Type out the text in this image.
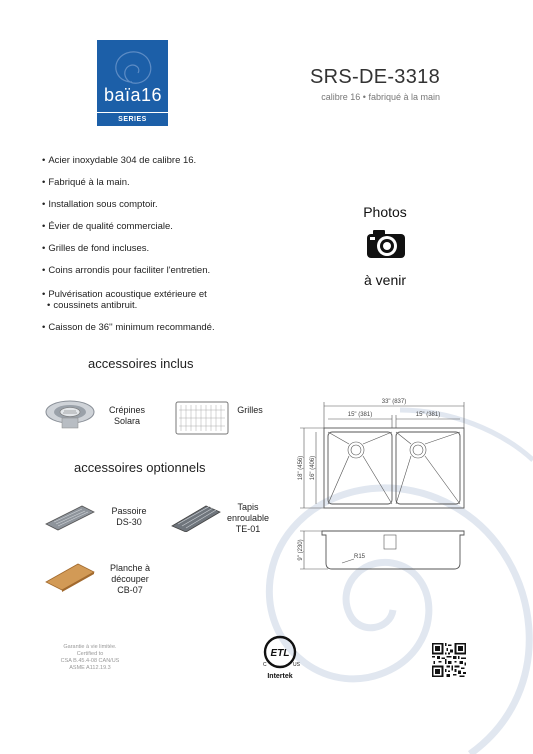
baïa16
SERIES
SRS-DE-3318
calibre 16 • fabriqué à la main
• Acier inoxydable 304 de calibre 16.
• Fabriqué à la main.
• Installation sous comptoir.
• Évier de qualité commerciale.
• Grilles de fond incluses.
• Coins arrondis pour faciliter l'entretien.
• Pulvérisation acoustique extérieure et
• coussinets antibruit.
• Caisson de 36'' minimum recommandé.
Photos
à venir
accessoires inclus
Crépines
Solara
Grilles
accessoires optionnels
Passoire
DS-30
Tapis
enroulable
TE-01
Planche à
découper
CB-07
33" (837)
15" (381)	15" (381)
18" (456) 16" (406)
9" (230)	R15
Garantie à vie limitée.
Certified to
CSA B.45.4-08 CAN/US
ASME A112.19.3
ETL
C	US
Intertek
